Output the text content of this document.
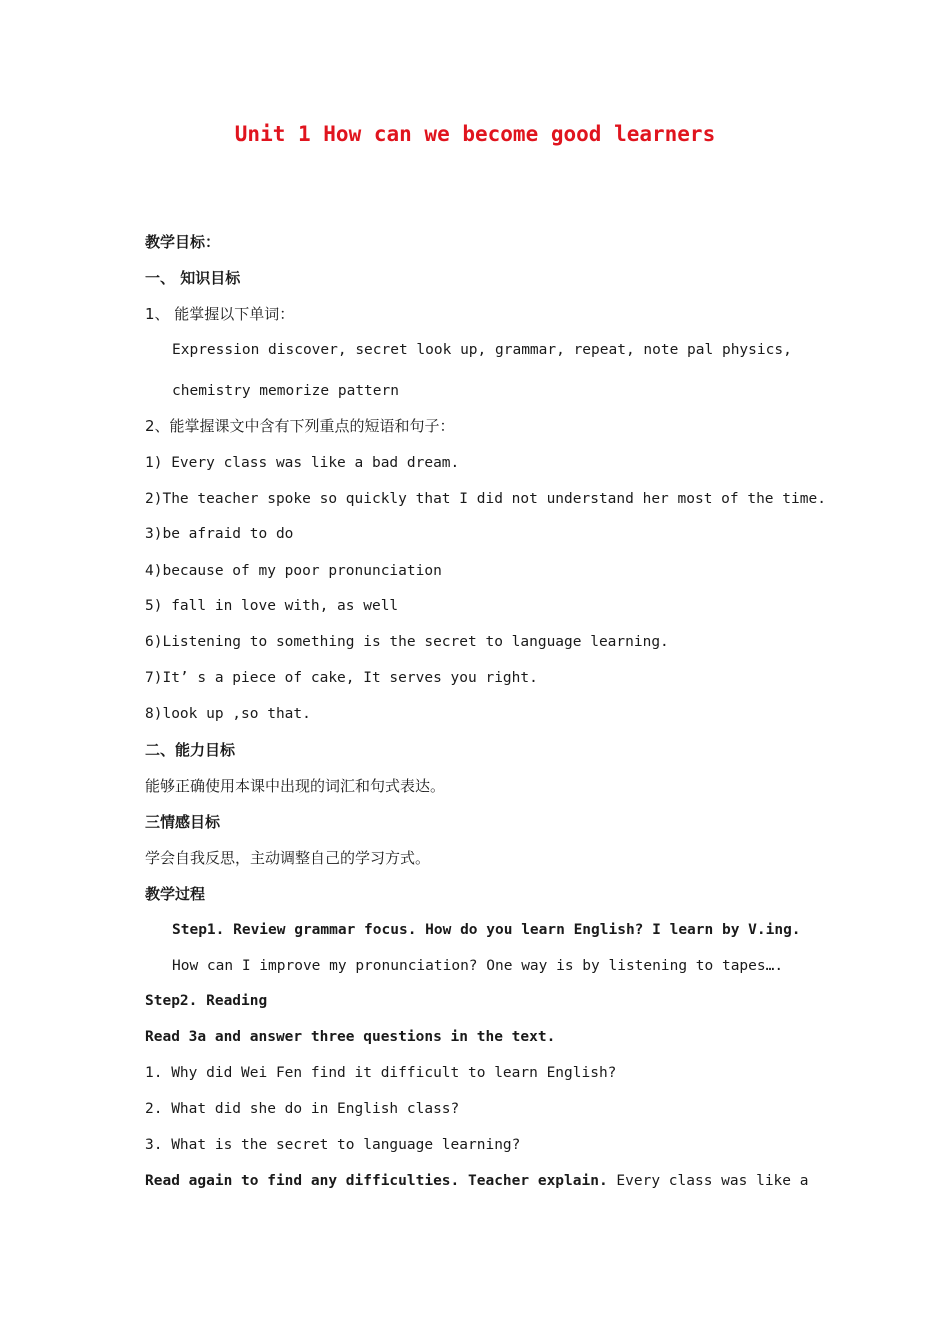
Unit 1 How can we become good learners
教学目标：
一、 知识目标
1、 能掌握以下单词：
Expression discover, secret look up, grammar, repeat, note pal physics,
chemistry memorize pattern
2、能掌握课文中含有下列重点的短语和句子：
1) Every class was like a bad dream.
2)The teacher spoke so quickly that I did not understand her most of the time.
3)be afraid to do
4)because of my poor pronunciation
5) fall in love with, as well
6)Listening to something is the secret to language learning.
7)It’ s a piece of cake, It serves you right.
8)look up ,so that.
二、能力目标
能够正确使用本课中出现的词汇和句式表达。
三情感目标
学会自我反思，主动调整自己的学习方式。
教学过程
Step1. Review grammar focus. How do you learn English? I learn by V.ing.
How can I improve my pronunciation? One way is by listening to tapes….
Step2. Reading
Read 3a and answer three questions in the text.
1. Why did Wei Fen find it difficult to learn English?
2. What did she do in English class?
3. What is the secret to language learning?
Read again to find any difficulties. Teacher explain. Every class was like a
